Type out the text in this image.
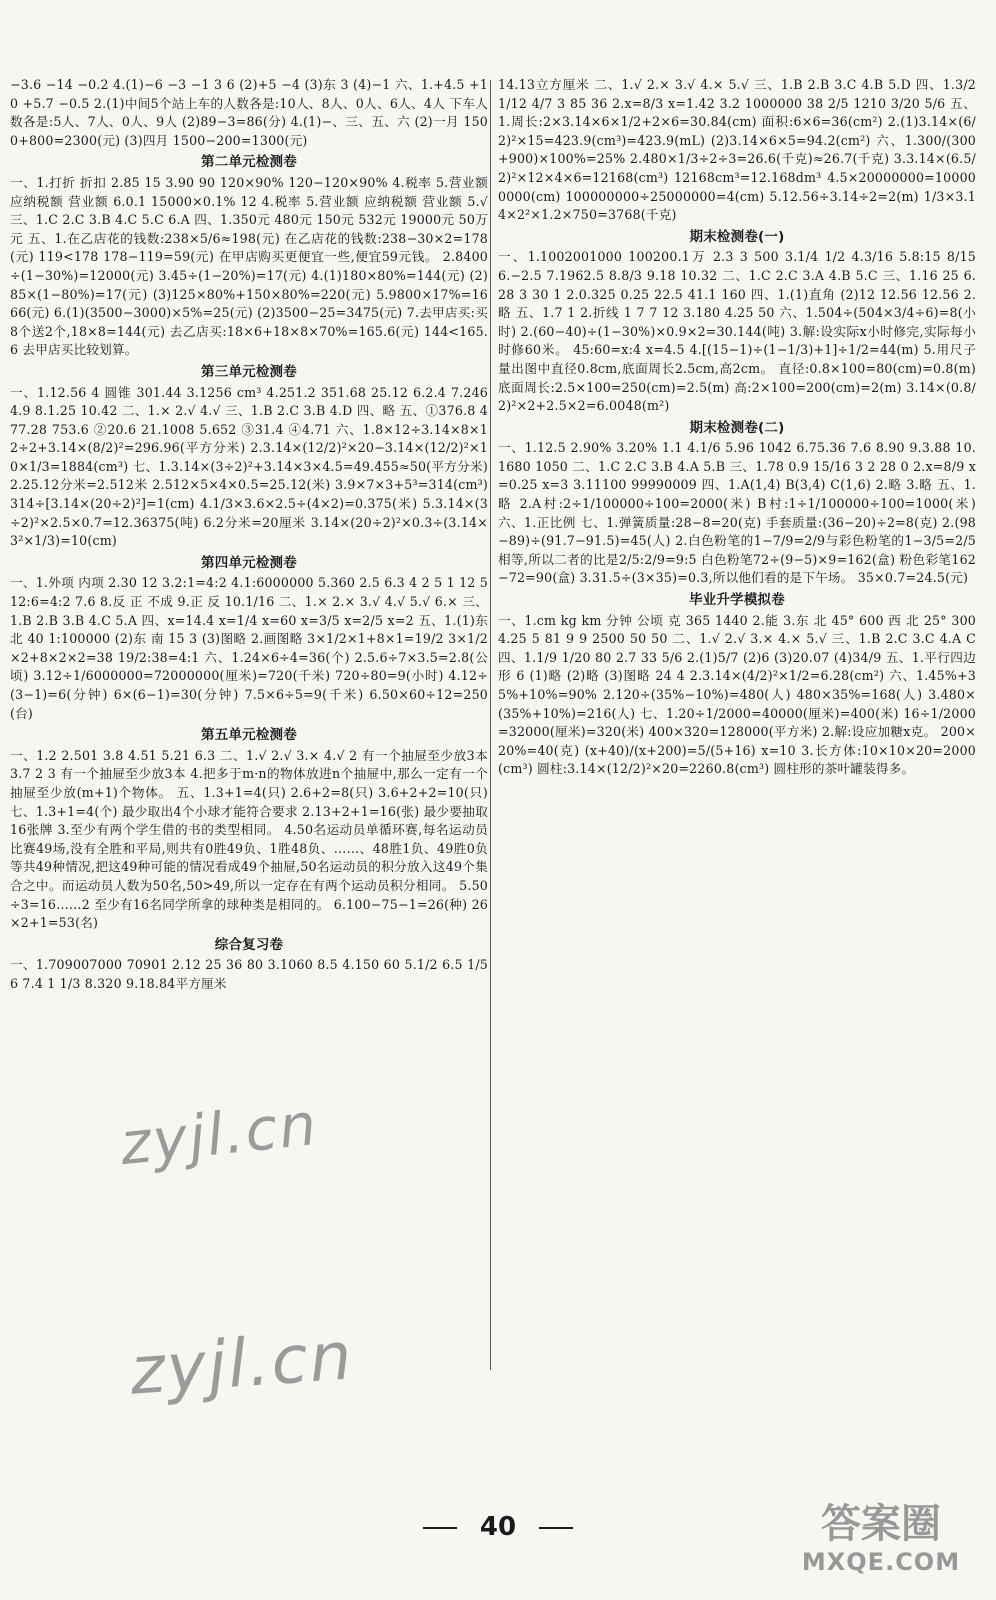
−3.6 −14 −0.2 4.(1)−6 −3 −1 3 6 (2)+5 −4 (3)东 3 (4)−1 六、1.+4.5 +10 +5.7 −0.5 2.(1)中间5个站上车的人数各是:10人、8人、0人、6人、4人 下车人数各是:5人、7人、0人、9人 (2)89−3=86(分) 4.(1)−、三、五、六 (2)一月 1500+800=2300(元) (3)四月 1500−200=1300(元)

第二单元检测卷

一、1.打折 折扣 2.85 15 3.90 90 120×90% 120−120×90% 4.税率 5.营业额 应纳税额 营业额 6.0.1 15000×0.1% 12 4.税率 5.营业额 应纳税额 营业额 5.√ 三、1.C 2.C 3.B 4.C 5.C 6.A 四、1.350元 480元 150元 532元 19000元 50万元 五、1.在乙店花的钱数:238×5/6≈198(元) 在乙店花的钱数:238−30×2=178(元) 119<178 178−119=59(元) 在甲店购买更便宜一些,便宜59元钱。 2.8400÷(1−30%)=12000(元) 3.45÷(1−20%)=17(元) 4.(1)180×80%=144(元) (2)85×(1−80%)=17(元) (3)125×80%+150×80%=220(元) 5.9800×17%=1666(元) 6.(1)(3500−3000)×5%=25(元) (2)3500−25=3475(元) 7.去甲店买:买8个送2个,18×8=144(元) 去乙店买:18×6+18×8×70%=165.6(元) 144<165.6 去甲店买比较划算。

第三单元检测卷

一、1.12.56 4 圆锥 301.44 3.1256 cm³ 4.251.2 351.68 25.12 6.2.4 7.2464.9 8.1.25 10.42 二、1.× 2.√ 4.√ 三、1.B 2.C 3.B 4.D 四、略 五、①376.8 477.28 753.6 ②20.6 21.1008 5.652 ③31.4 ④4.71 六、1.8×12÷3.14×8×12÷2+3.14×(8/2)²=296.96(平方分米) 2.3.14×(12/2)²×20−3.14×(12/2)²×10×1/3=1884(cm³) 七、1.3.14×(3÷2)²+3.14×3×4.5=49.455≈50(平方分米) 2.25.12分米=2.512米 2.512×5×4×0.5=25.12(米) 3.9×7×3+5³=314(cm³) 314÷[3.14×(20÷2)²]=1(cm) 4.1/3×3.6×2.5÷(4×2)=0.375(米) 5.3.14×(3÷2)²×2.5×0.7=12.36375(吨) 6.2分米=20厘米 3.14×(20÷2)²×0.3÷(3.14×3²×1/3)=10(cm)

第四单元检测卷

一、1.外项 内项 2.30 12 3.2:1=4:2 4.1:6000000 5.360 2.5 6.3 4 2 5 1 12 5 12:6=4:2 7.6 8.反 正 不成 9.正 反 10.1/16 二、1.× 2.× 3.√ 4.√ 5.√ 6.× 三、1.B 2.B 3.B 4.C 5.A 四、x=14.4 x=1/4 x=60 x=3/5 x=2/5 x=2 五、1.(1)东 北 40 1:100000 (2)东 南 15 3 (3)图略 2.画图略 3×1/2×1+8×1=19/2 3×1/2×2+8×2×2=38 19/2:38=4:1 六、1.24×6÷4=36(个) 2.5.6÷7×3.5=2.8(公顷) 3.12÷1/6000000=72000000(厘米)=720(千米) 720÷80=9(小时) 4.12÷(3−1)=6(分钟) 6×(6−1)=30(分钟) 7.5×6÷5=9(千米) 6.50×60÷12=250(台)

第五单元检测卷

一、1.2 2.501 3.8 4.51 5.21 6.3 二、1.√ 2.√ 3.× 4.√ 2 有一个抽屉至少放3本 3.7 2 3 有一个抽屉至少放3本 4.把多于m·n的物体放进n个抽屉中,那么一定有一个抽屉至少放(m+1)个物体。 五、1.3+1=4(只) 2.6+2=8(只) 3.6+2+2=10(只) 七、1.3+1=4(个) 最少取出4个小球才能符合要求 2.13+2+1=16(张) 最少要抽取16张牌 3.至少有两个学生借的书的类型相同。 4.50名运动员单循环赛,每名运动员比赛49场,没有全胜和平局,则共有0胜49负、1胜48负、……、48胜1负、49胜0负等共49种情况,把这49种可能的情况看成49个抽屉,50名运动员的积分放入这49个集合之中。而运动员人数为50名,50>49,所以一定存在有两个运动员积分相同。 5.50÷3=16……2 至少有16名同学所拿的球种类是相同的。 6.100−75−1=26(种) 26×2+1=53(名)

综合复习卷

一、1.709007000 70901 2.12 25 36 80 3.1060 8.5 4.150 60 5.1/2 6.5 1/5 6 7.4 1 1/3 8.320 9.18.84平方厘米

14.13立方厘米 二、1.√ 2.× 3.√ 4.× 5.√ 三、1.B 2.B 3.C 4.B 5.D 四、1.3/2 1/12 4/7 3 85 36 2.x=8/3 x=1.42 3.2 1000000 38 2/5 1210 3/20 5/6 五、1.周长:2×3.14×6×1/2+2×6=30.84(cm) 面积:6×6=36(cm²) 2.(1)3.14×(6/2)²×15=423.9(cm³)=423.9(mL) (2)3.14×6×5=94.2(cm²) 六、1.300/(300+900)×100%=25% 2.480×1/3÷2÷3=26.6(千克)≈26.7(千克) 3.3.14×(6.5/2)²×12×4×6=12168(cm³) 12168cm³=12.168dm³ 4.5×20000000=100000000(cm) 100000000÷25000000=4(cm) 5.12.56÷3.14÷2=2(m) 1/3×3.14×2²×1.2×750=3768(千克)

期末检测卷(一)

一、1.1002001000 100200.1万 2.3 3 500 3.1/4 1/2 4.3/16 5.8:15 8/15 6.−2.5 7.1962.5 8.8/3 9.18 10.32 二、1.C 2.C 3.A 4.B 5.C 三、1.16 25 6.28 3 30 1 2.0.325 0.25 22.5 41.1 160 四、1.(1)直角 (2)12 12.56 12.56 2.略 五、1.7 1 2.折线 1 7 7 12 3.180 4.25 50 六、1.504÷(504×3/4÷6)=8(小时) 2.(60−40)÷(1−30%)×0.9×2=30.144(吨) 3.解:设实际x小时修完,实际每小时修60米。 45:60=x:4 x=4.5 4.[(15−1)÷(1−1/3)+1]÷1/2=44(m) 5.用尺子量出图中直径0.8cm,底面周长2.5cm,高2cm。 直径:0.8×100=80(cm)=0.8(m) 底面周长:2.5×100=250(cm)=2.5(m) 高:2×100=200(cm)=2(m) 3.14×(0.8/2)²×2+2.5×2=6.0048(m²)

期末检测卷(二)

一、1.12.5 2.90% 3.20% 1.1 4.1/6 5.96 1042 6.75.36 7.6 8.90 9.3.88 10.1680 1050 二、1.C 2.C 3.B 4.A 5.B 三、1.78 0.9 15/16 3 2 28 0 2.x=8/9 x=0.25 x=3 3.11100 99990009 四、1.A(1,4) B(3,4) C(1,6) 2.略 3.略 五、1.略 2.A村:2÷1/100000÷100=2000(米) B村:1÷1/100000÷100=1000(米) 六、1.正比例 七、1.弹簧质量:28−8=20(克) 手套质量:(36−20)÷2=8(克) 2.(98−89)÷(91.7−91.5)=45(人) 2.白色粉笔的1−7/9=2/9与彩色粉笔的1−3/5=2/5相等,所以二者的比是2/5:2/9=9:5 白色粉笔72÷(9−5)×9=162(盒) 粉色彩笔162−72=90(盒) 3.31.5÷(3×35)=0.3,所以他们看的是下午场。 35×0.7=24.5(元)

毕业升学模拟卷

一、1.cm kg km 分钟 公顷 克 365 1440 2.能 3.东 北 45° 600 西 北 25° 300 4.25 5 81 9 9 2500 50 50 二、1.√ 2.√ 3.× 4.× 5.√ 三、1.B 2.C 3.C 4.A C 四、1.1/9 1/20 80 2.7 33 5/6 2.(1)5/7 (2)6 (3)20.07 (4)34/9 五、1.平行四边形 6 (1)略 (2)略 (3)图略 24 4 2.3.14×(4/2)²×1/2=6.28(cm²) 六、1.45%+35%+10%=90% 2.120÷(35%−10%)=480(人) 480×35%=168(人) 3.480×(35%+10%)=216(人) 七、1.20÷1/2000=40000(厘米)=400(米) 16÷1/2000=32000(厘米)=320(米) 400×320=128000(平方米) 2.解:设应加糖x克。 200×20%=40(克) (x+40)/(x+200)=5/(5+16) x=10 3.长方体:10×10×20=2000(cm³) 圆柱:3.14×(12/2)²×20=2260.8(cm³) 圆柱形的茶叶罐装得多。

zyjl.cn
zyjl.cn
40	答案圈
MXQE.COM
